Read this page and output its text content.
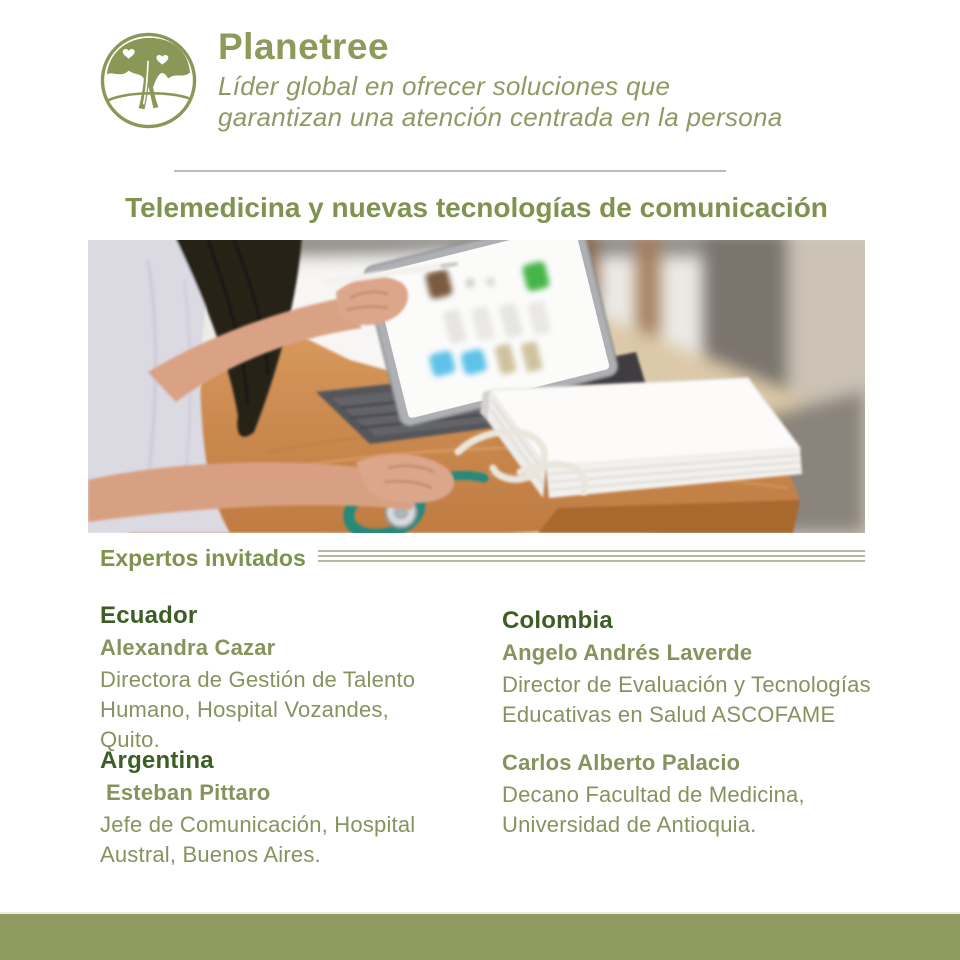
Planetree
Líder global en ofrecer soluciones que
garantizan una atención centrada en la persona
Telemedicina y nuevas tecnologías de comunicación
Expertos invitados
Ecuador
Alexandra Cazar
Directora de Gestión de Talento Humano, Hospital Vozandes, Quito.
Colombia
Angelo Andrés Laverde
Director de Evaluación y Tecnologías Educativas en Salud ASCOFAME
Argentina
Esteban Pittaro
Jefe de Comunicación, Hospital Austral, Buenos Aires.
Carlos Alberto Palacio
Decano Facultad de Medicina, Universidad de Antioquia.
